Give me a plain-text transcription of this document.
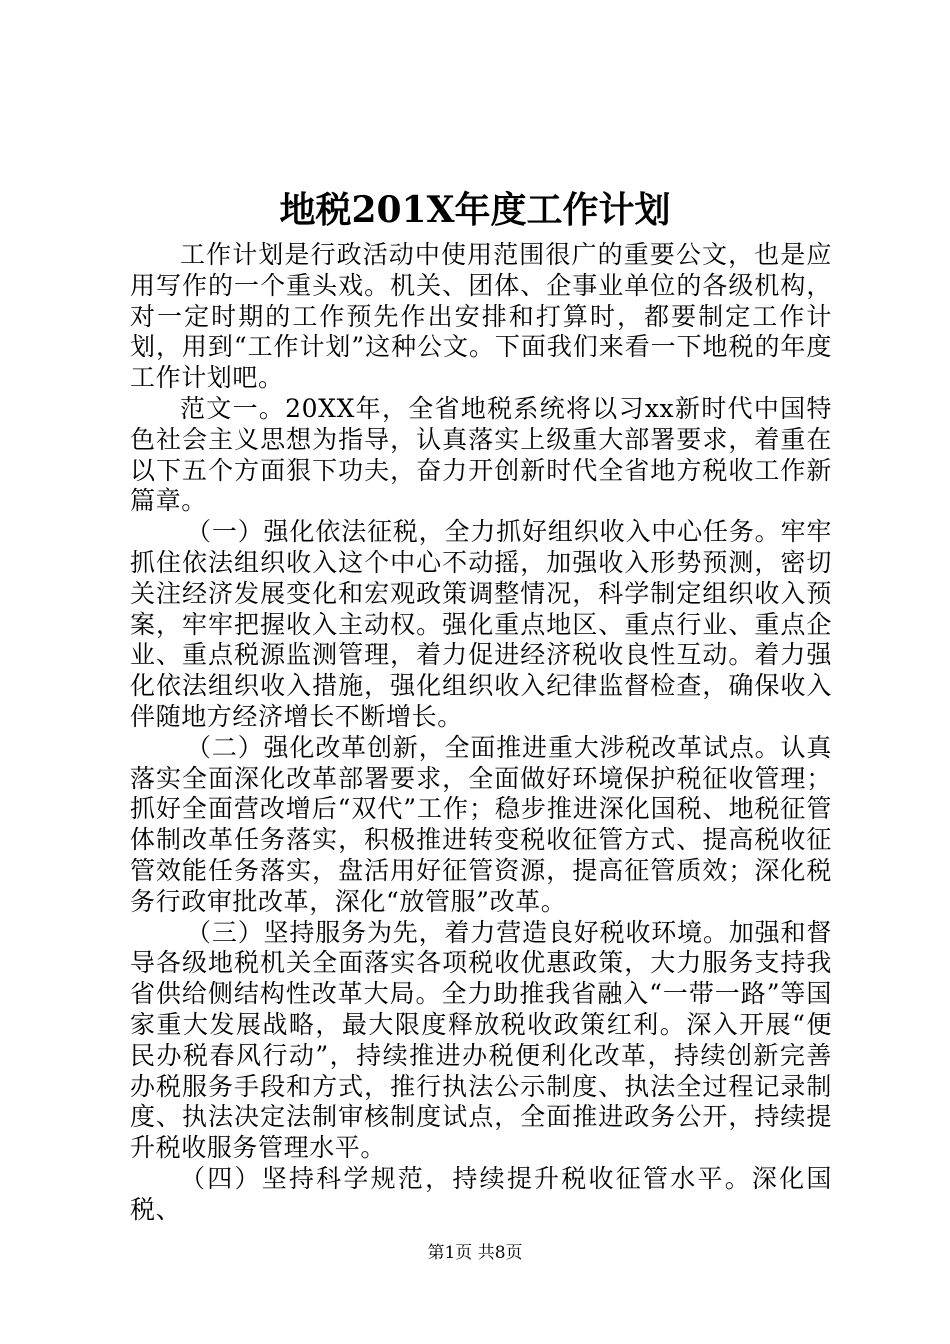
地税201X年度工作计划

工作计划是行政活动中使用范围很广的重要公文，也是应用写作的一个重头戏。机关、团体、企事业单位的各级机构，对一定时期的工作预先作出安排和打算时，都要制定工作计划，用到“工作计划”这种公文。下面我们来看一下地税的年度工作计划吧。

范文一。20XX年，全省地税系统将以习xx新时代中国特色社会主义思想为指导，认真落实上级重大部署要求，着重在以下五个方面狠下功夫，奋力开创新时代全省地方税收工作新篇章。

（一）强化依法征税，全力抓好组织收入中心任务。牢牢抓住依法组织收入这个中心不动摇，加强收入形势预测，密切关注经济发展变化和宏观政策调整情况，科学制定组织收入预案，牢牢把握收入主动权。强化重点地区、重点行业、重点企业、重点税源监测管理，着力促进经济税收良性互动。着力强化依法组织收入措施，强化组织收入纪律监督检查，确保收入伴随地方经济增长不断增长。

（二）强化改革创新，全面推进重大涉税改革试点。认真落实全面深化改革部署要求，全面做好环境保护税征收管理；抓好全面营改增后“双代”工作；稳步推进深化国税、地税征管体制改革任务落实，积极推进转变税收征管方式、提高税收征管效能任务落实，盘活用好征管资源，提高征管质效；深化税务行政审批改革，深化“放管服”改革。

（三）坚持服务为先，着力营造良好税收环境。加强和督导各级地税机关全面落实各项税收优惠政策，大力服务支持我省供给侧结构性改革大局。全力助推我省融入“一带一路”等国家重大发展战略，最大限度释放税收政策红利。深入开展“便民办税春风行动”，持续推进办税便利化改革，持续创新完善办税服务手段和方式，推行执法公示制度、执法全过程记录制度、执法决定法制审核制度试点，全面推进政务公开，持续提升税收服务管理水平。

（四）坚持科学规范，持续提升税收征管水平。深化国税、

第1页 共8页
